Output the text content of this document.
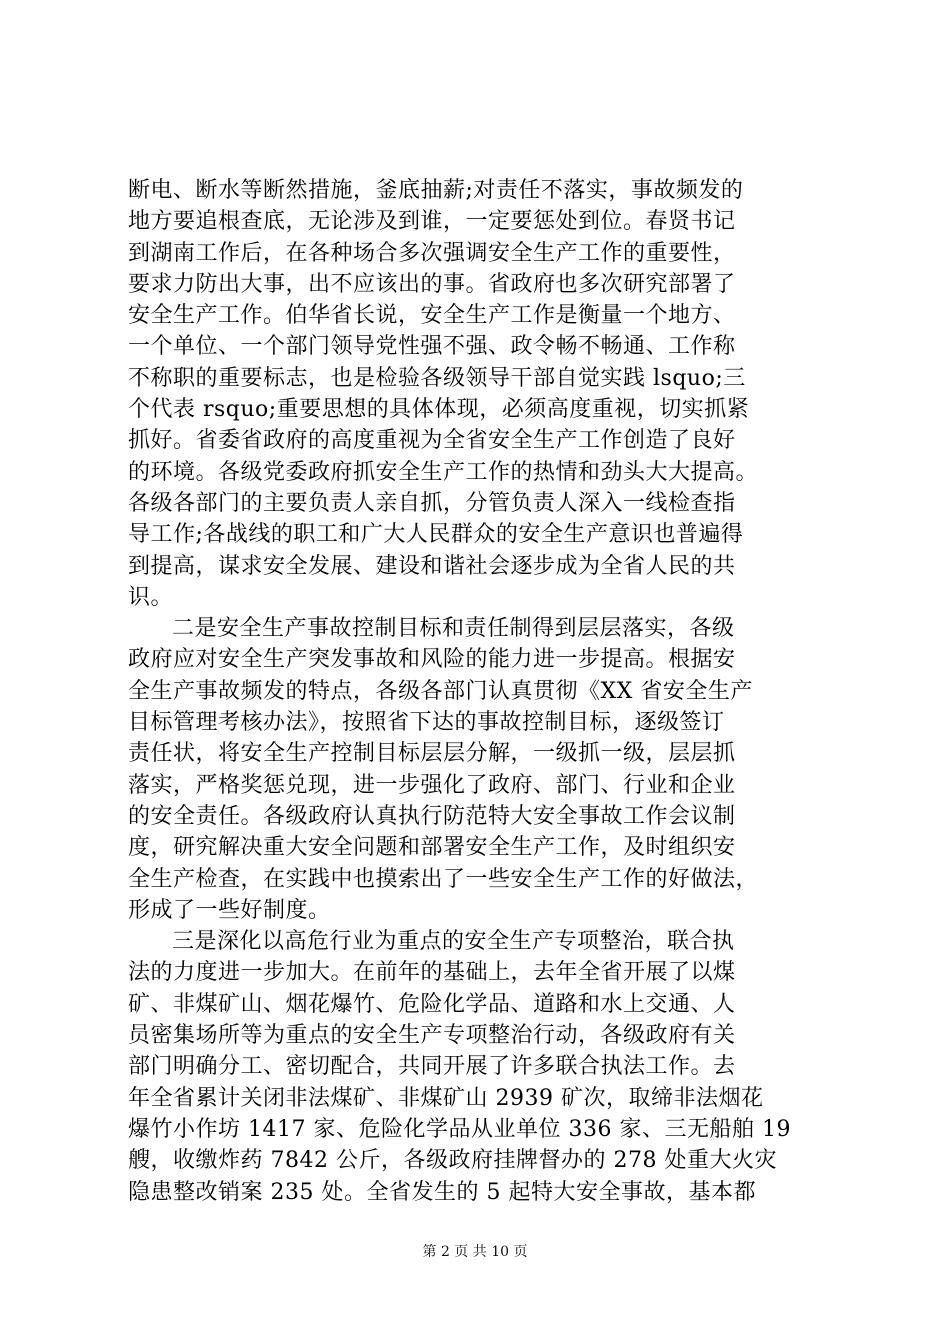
断电、断水等断然措施，釜底抽薪;对责任不落实，事故频发的
地方要追根查底，无论涉及到谁，一定要惩处到位。春贤书记
到湖南工作后，在各种场合多次强调安全生产工作的重要性，
要求力防出大事，出不应该出的事。省政府也多次研究部署了
安全生产工作。伯华省长说，安全生产工作是衡量一个地方、
一个单位、一个部门领导党性强不强、政令畅不畅通、工作称
不称职的重要标志，也是检验各级领导干部自觉实践 lsquo;三
个代表 rsquo;重要思想的具体体现，必须高度重视，切实抓紧
抓好。省委省政府的高度重视为全省安全生产工作创造了良好
的环境。各级党委政府抓安全生产工作的热情和劲头大大提高。
各级各部门的主要负责人亲自抓，分管负责人深入一线检查指
导工作;各战线的职工和广大人民群众的安全生产意识也普遍得
到提高，谋求安全发展、建设和谐社会逐步成为全省人民的共
识。
二是安全生产事故控制目标和责任制得到层层落实，各级
政府应对安全生产突发事故和风险的能力进一步提高。根据安
全生产事故频发的特点，各级各部门认真贯彻《XX 省安全生产
目标管理考核办法》，按照省下达的事故控制目标，逐级签订
责任状，将安全生产控制目标层层分解，一级抓一级，层层抓
落实，严格奖惩兑现，进一步强化了政府、部门、行业和企业
的安全责任。各级政府认真执行防范特大安全事故工作会议制
度，研究解决重大安全问题和部署安全生产工作，及时组织安
全生产检查，在实践中也摸索出了一些安全生产工作的好做法，
形成了一些好制度。
三是深化以高危行业为重点的安全生产专项整治，联合执
法的力度进一步加大。在前年的基础上，去年全省开展了以煤
矿、非煤矿山、烟花爆竹、危险化学品、道路和水上交通、人
员密集场所等为重点的安全生产专项整治行动，各级政府有关
部门明确分工、密切配合，共同开展了许多联合执法工作。去
年全省累计关闭非法煤矿、非煤矿山 2939 矿次，取缔非法烟花
爆竹小作坊 1417 家、危险化学品从业单位 336 家、三无船舶 19
艘，收缴炸药 7842 公斤，各级政府挂牌督办的 278 处重大火灾
隐患整改销案 235 处。全省发生的 5 起特大安全事故，基本都
第 2 页 共 10 页
